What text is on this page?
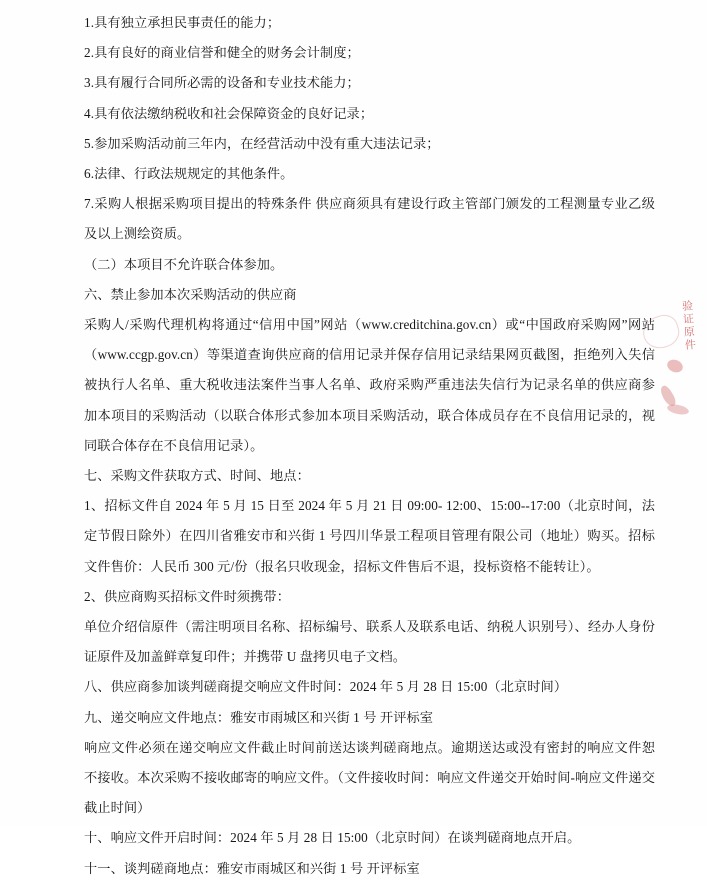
验证原件

1.具有独立承担民事责任的能力；

2.具有良好的商业信誉和健全的财务会计制度；

3.具有履行合同所必需的设备和专业技术能力；

4.具有依法缴纳税收和社会保障资金的良好记录；

5.参加采购活动前三年内，在经营活动中没有重大违法记录；

6.法律、行政法规规定的其他条件。

7.采购人根据采购项目提出的特殊条件 供应商须具有建设行政主管部门颁发的工程测量专业乙级及以上测绘资质。

（二）本项目不允许联合体参加。

六、禁止参加本次采购活动的供应商

采购人/采购代理机构将通过“信用中国”网站（www.creditchina.gov.cn）或“中国政府采购网”网站（www.ccgp.gov.cn）等渠道查询供应商的信用记录并保存信用记录结果网页截图，拒绝列入失信被执行人名单、重大税收违法案件当事人名单、政府采购严重违法失信行为记录名单的供应商参加本项目的采购活动（以联合体形式参加本项目采购活动，联合体成员存在不良信用记录的，视同联合体存在不良信用记录）。

七、采购文件获取方式、时间、地点：

1、招标文件自 2024 年 5 月 15 日至 2024 年 5 月 21 日 09:00- 12:00、15:00--17:00（北京时间，法定节假日除外）在四川省雅安市和兴街 1 号四川华景工程项目管理有限公司（地址）购买。招标文件售价：人民币 300 元/份（报名只收现金，招标文件售后不退，投标资格不能转让）。

2、供应商购买招标文件时须携带：

单位介绍信原件（需注明项目名称、招标编号、联系人及联系电话、纳税人识别号）、经办人身份证原件及加盖鲜章复印件；并携带 U 盘拷贝电子文档。

八、供应商参加谈判磋商提交响应文件时间：2024 年 5 月 28 日 15:00（北京时间）

九、递交响应文件地点：雅安市雨城区和兴街 1 号 开评标室

响应文件必须在递交响应文件截止时间前送达谈判磋商地点。逾期送达或没有密封的响应文件恕不接收。本次采购不接收邮寄的响应文件。（文件接收时间：响应文件递交开始时间-响应文件递交截止时间）

十、响应文件开启时间：2024 年 5 月 28 日 15:00（北京时间）在谈判磋商地点开启。

十一、谈判磋商地点：雅安市雨城区和兴街 1 号 开评标室
